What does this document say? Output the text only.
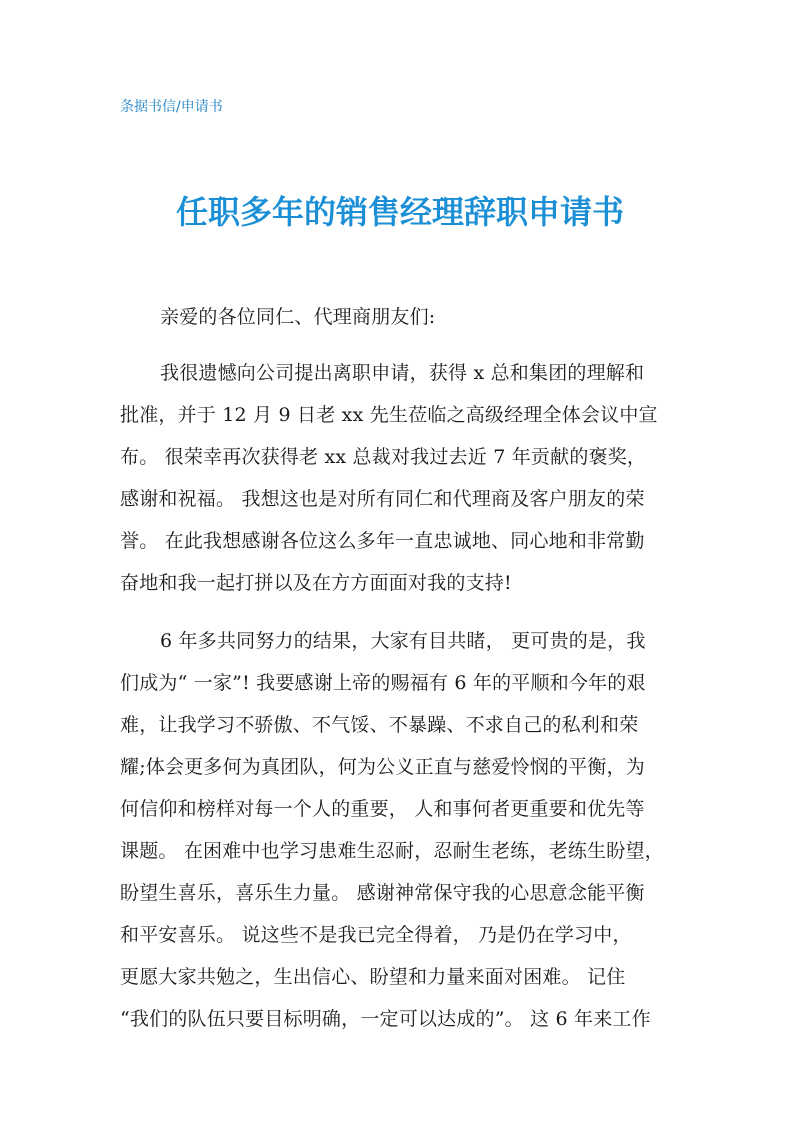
条据书信/申请书
任职多年的销售经理辞职申请书
亲爱的各位同仁、代理商朋友们:
我很遗憾向公司提出离职申请，获得 x 总和集团的理解和
批准，并于 12 月 9 日老 xx 先生莅临之高级经理全体会议中宣
布。 很荣幸再次获得老 xx 总裁对我过去近 7 年贡献的褒奖，
感谢和祝福。 我想这也是对所有同仁和代理商及客户朋友的荣
誉。 在此我想感谢各位这么多年一直忠诚地、同心地和非常勤
奋地和我一起打拼以及在方方面面对我的支持!
6 年多共同努力的结果，大家有目共睹， 更可贵的是，我
们成为“ 一家”! 我要感谢上帝的赐福有 6 年的平顺和今年的艰
难，让我学习不骄傲、不气馁、不暴躁、不求自己的私利和荣
耀;体会更多何为真团队，何为公义正直与慈爱怜悯的平衡，为
何信仰和榜样对每一个人的重要， 人和事何者更重要和优先等
课题。 在困难中也学习患难生忍耐，忍耐生老练，老练生盼望，
盼望生喜乐，喜乐生力量。 感谢神常保守我的心思意念能平衡
和平安喜乐。 说这些不是我已完全得着， 乃是仍在学习中，
更愿大家共勉之，生出信心、盼望和力量来面对困难。 记住
“我们的队伍只要目标明确，一定可以达成的”。 这 6 年来工作
